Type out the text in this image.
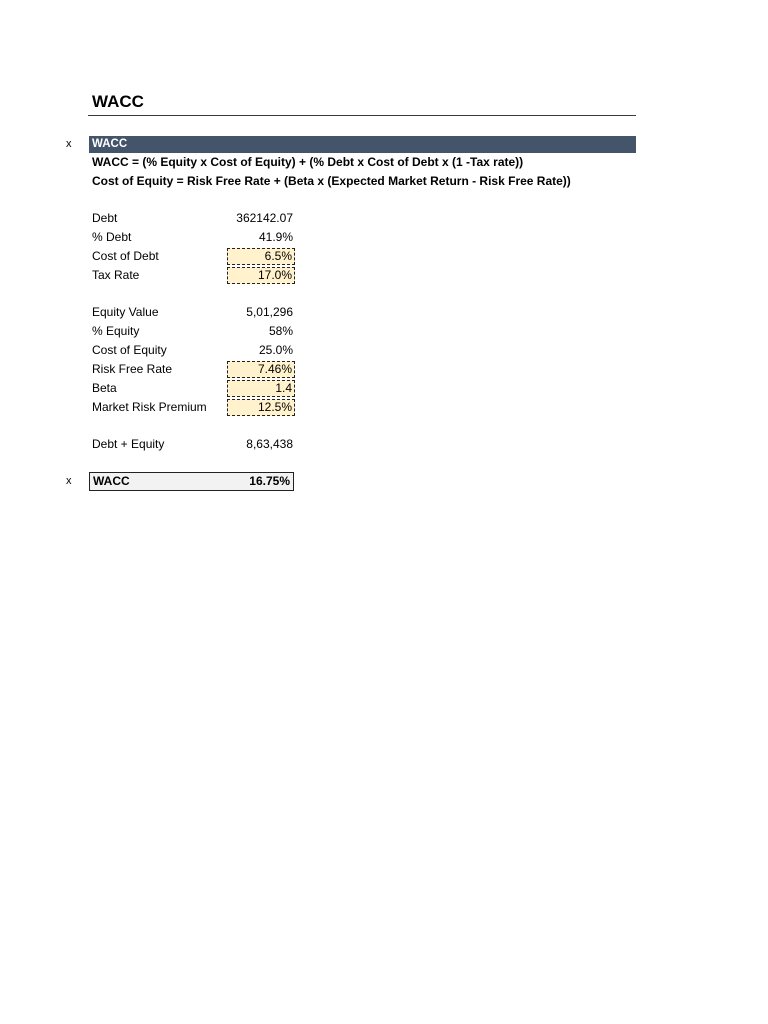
WACC
x WACC
WACC = (% Equity x Cost of Equity) + (% Debt x Cost of Debt x (1 -Tax rate))
Cost of Equity = Risk Free Rate + (Beta x (Expected Market Return - Risk Free Rate))
Debt	362142.07
% Debt	41.9%
Cost of Debt	6.5%
Tax Rate	17.0%
Equity Value	5,01,296
% Equity	58%
Cost of Equity	25.0%
Risk Free Rate	7.46%
Beta	1.4
Market Risk Premium	12.5%
Debt + Equity	8,63,438
x WACC	16.75%
